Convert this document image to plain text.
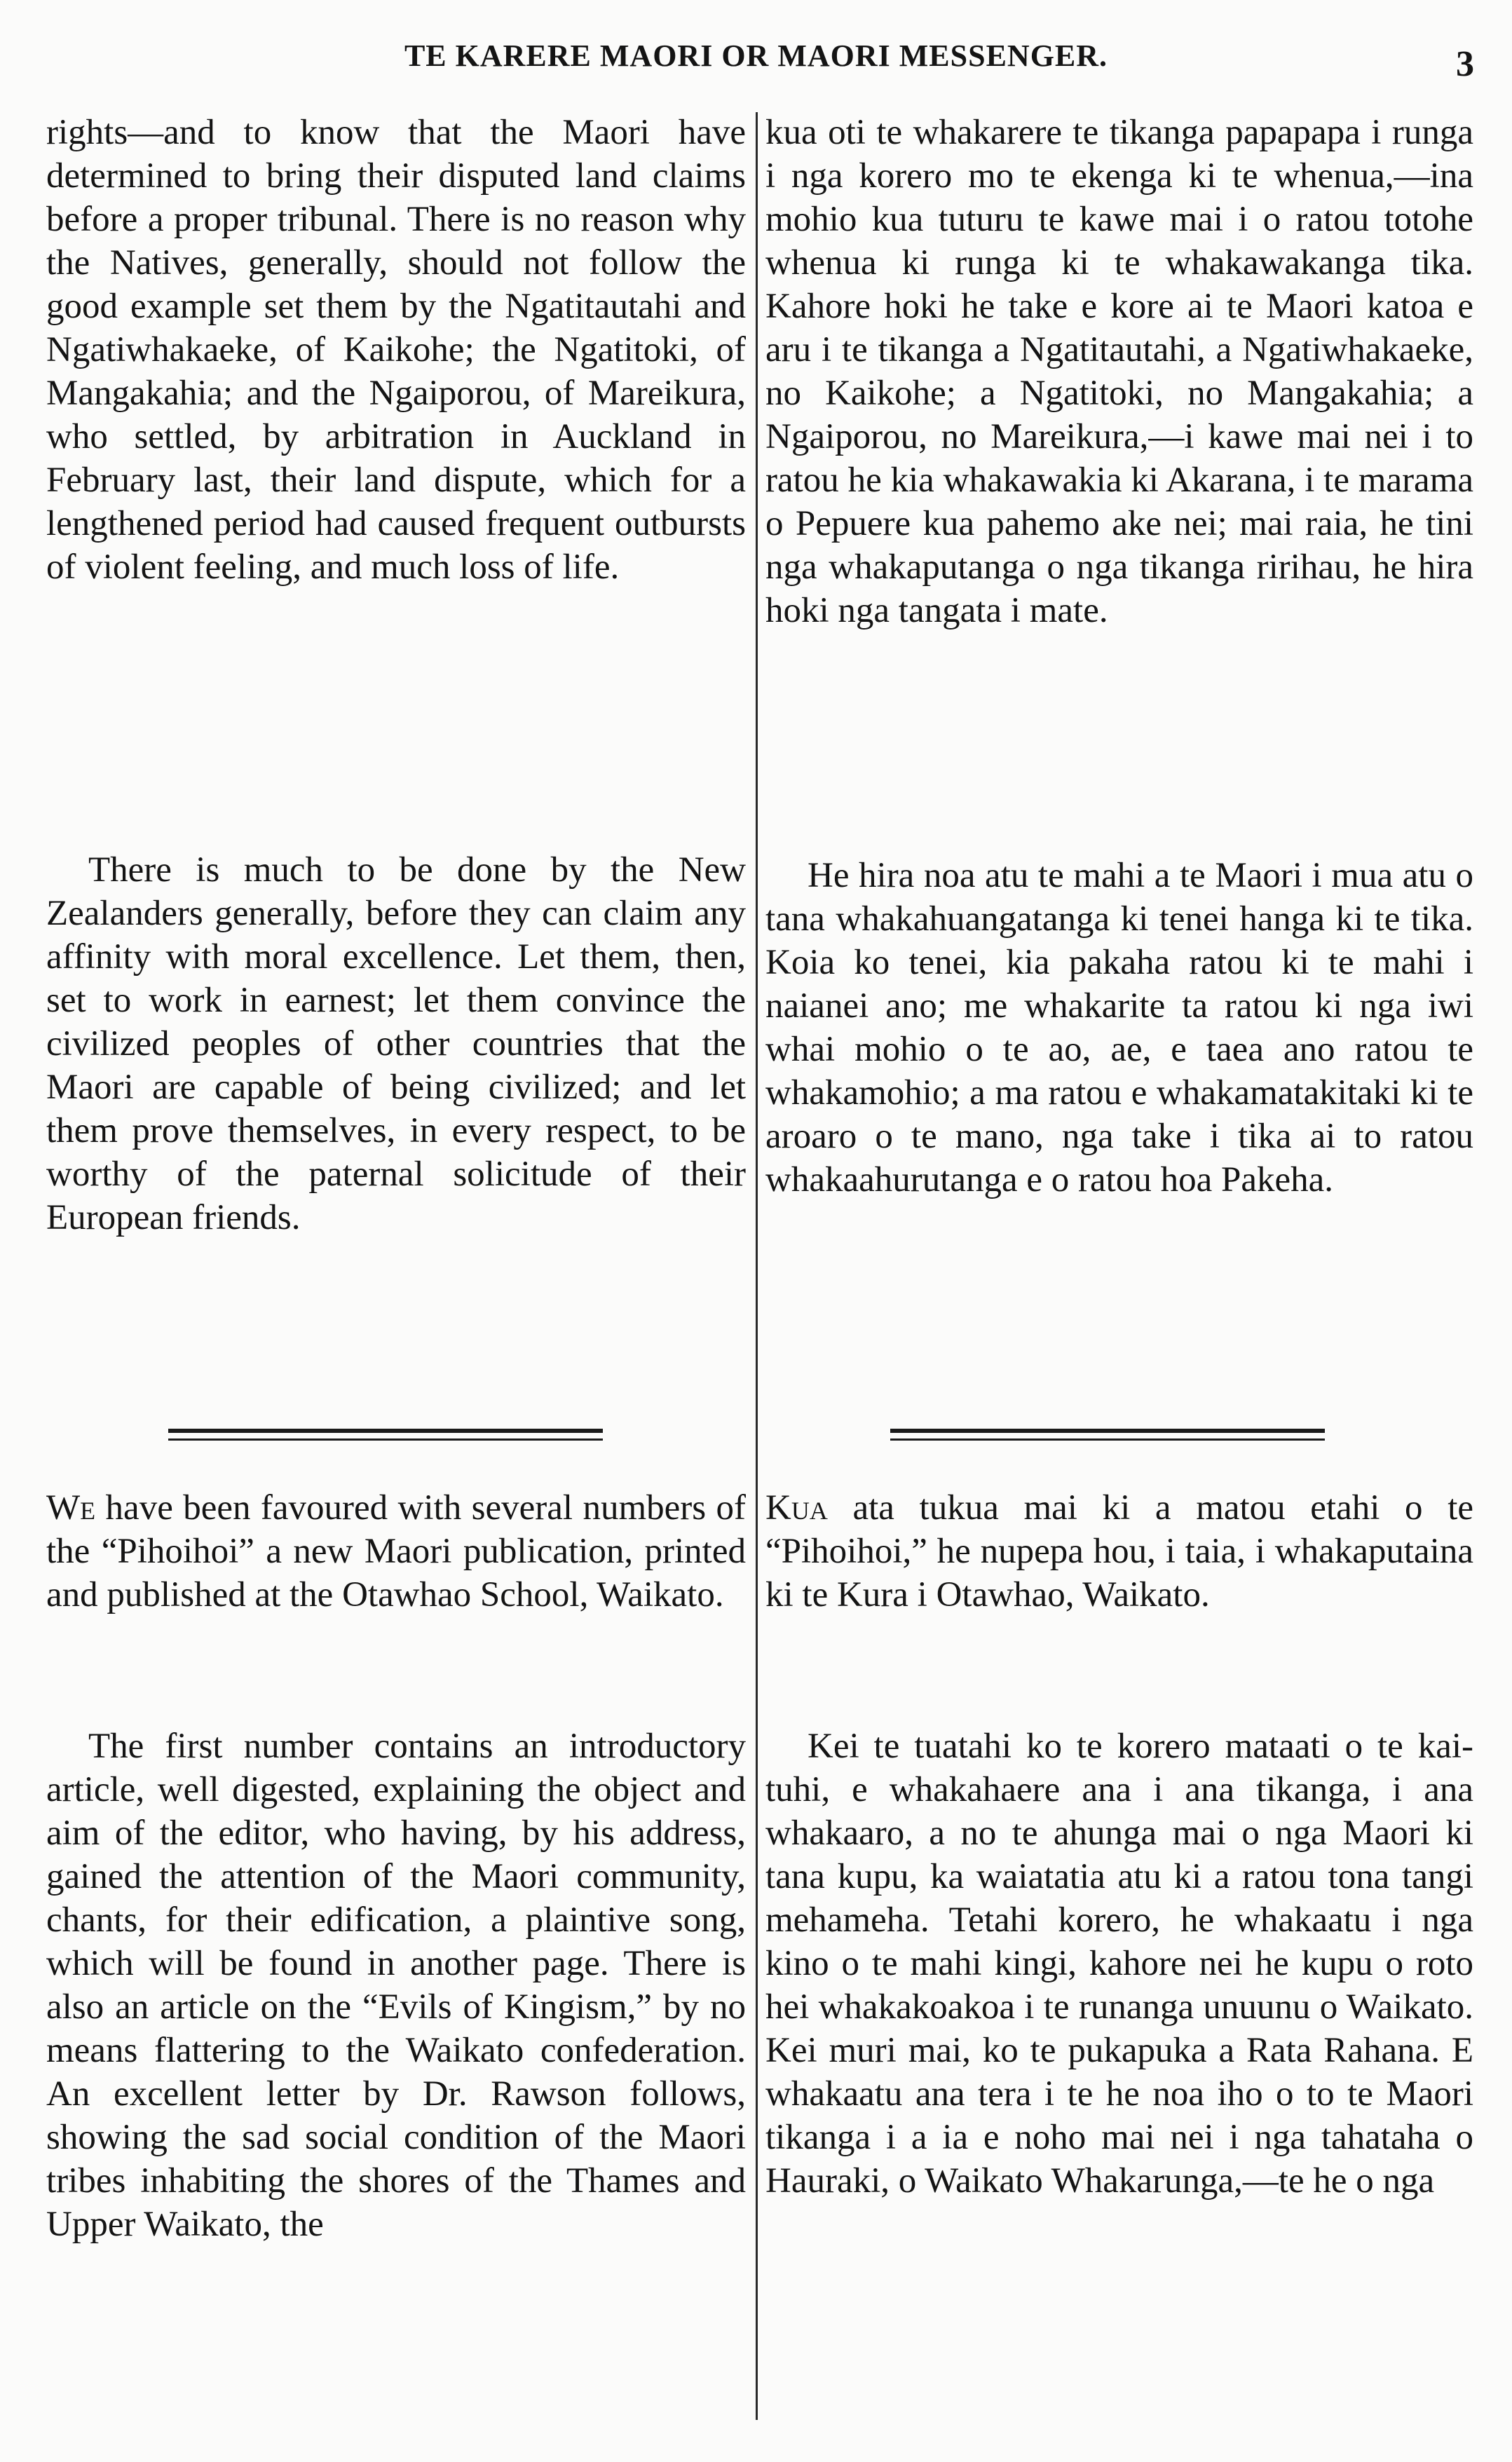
TE KARERE MAORI OR MAORI MESSENGER.	3

rights—and to know that the Maori have determined to bring their disputed land claims before a proper tribunal. There is no reason why the Natives, generally, should not follow the good example set them by the Ngatitautahi and Ngatiwhakaeke, of Kaikohe; the Ngatitoki, of Mangakahia; and the Ngaiporou, of Mareikura, who settled, by arbitration in Auckland in February last, their land dispute, which for a lengthened period had caused frequent outbursts of violent feeling, and much loss of life.

There is much to be done by the New Zealanders generally, before they can claim any affinity with moral excellence. Let them, then, set to work in earnest; let them convince the civilized peoples of other countries that the Maori are capable of being civilized; and let them prove themselves, in every respect, to be worthy of the paternal solicitude of their European friends.

We have been favoured with several numbers of the “Pihoihoi” a new Maori publication, printed and published at the Otawhao School, Waikato.

The first number contains an introductory article, well digested, explaining the object and aim of the editor, who having, by his address, gained the attention of the Maori community, chants, for their edification, a plaintive song, which will be found in another page. There is also an article on the “Evils of Kingism,” by no means flattering to the Waikato confederation. An excellent letter by Dr. Rawson follows, showing the sad social condition of the Maori tribes inhabiting the shores of the Thames and Upper Waikato, the

kua oti te whakarere te tikanga papapapa i runga i nga korero mo te ekenga ki te whenua,—ina mohio kua tuturu te kawe mai i o ratou totohe whenua ki runga ki te whakawakanga tika. Kahore hoki he take e kore ai te Maori katoa e aru i te tikanga a Ngatitautahi, a Ngatiwhakaeke, no Kaikohe; a Ngatitoki, no Mangakahia; a Ngaiporou, no Mareikura,—i kawe mai nei i to ratou he kia whakawakia ki Akarana, i te marama o Pepuere kua pahemo ake nei; mai raia, he tini nga whakaputanga o nga tikanga ririhau, he hira hoki nga tangata i mate.

He hira noa atu te mahi a te Maori i mua atu o tana whakahuangatanga ki tenei hanga ki te tika. Koia ko tenei, kia pakaha ratou ki te mahi i naianei ano; me whakarite ta ratou ki nga iwi whai mohio o te ao, ae, e taea ano ratou te whakamohio; a ma ratou e whakamatakitaki ki te aroaro o te mano, nga take i tika ai to ratou whakaahurutanga e o ratou hoa Pakeha.

Kua ata tukua mai ki a matou etahi o te “Pihoihoi,” he nupepa hou, i taia, i whakaputaina ki te Kura i Otawhao, Waikato.

Kei te tuatahi ko te korero mataati o te kai-tuhi, e whakahaere ana i ana tikanga, i ana whakaaro, a no te ahunga mai o nga Maori ki tana kupu, ka waiatatia atu ki a ratou tona tangi mehameha. Tetahi korero, he whakaatu i nga kino o te mahi kingi, kahore nei he kupu o roto hei whakakoakoa i te runanga unuunu o Waikato. Kei muri mai, ko te pukapuka a Rata Rahana. E whakaatu ana tera i te he noa iho o to te Maori tikanga i a ia e noho mai nei i nga tahataha o Hauraki, o Waikato Whakarunga,—te he o nga
